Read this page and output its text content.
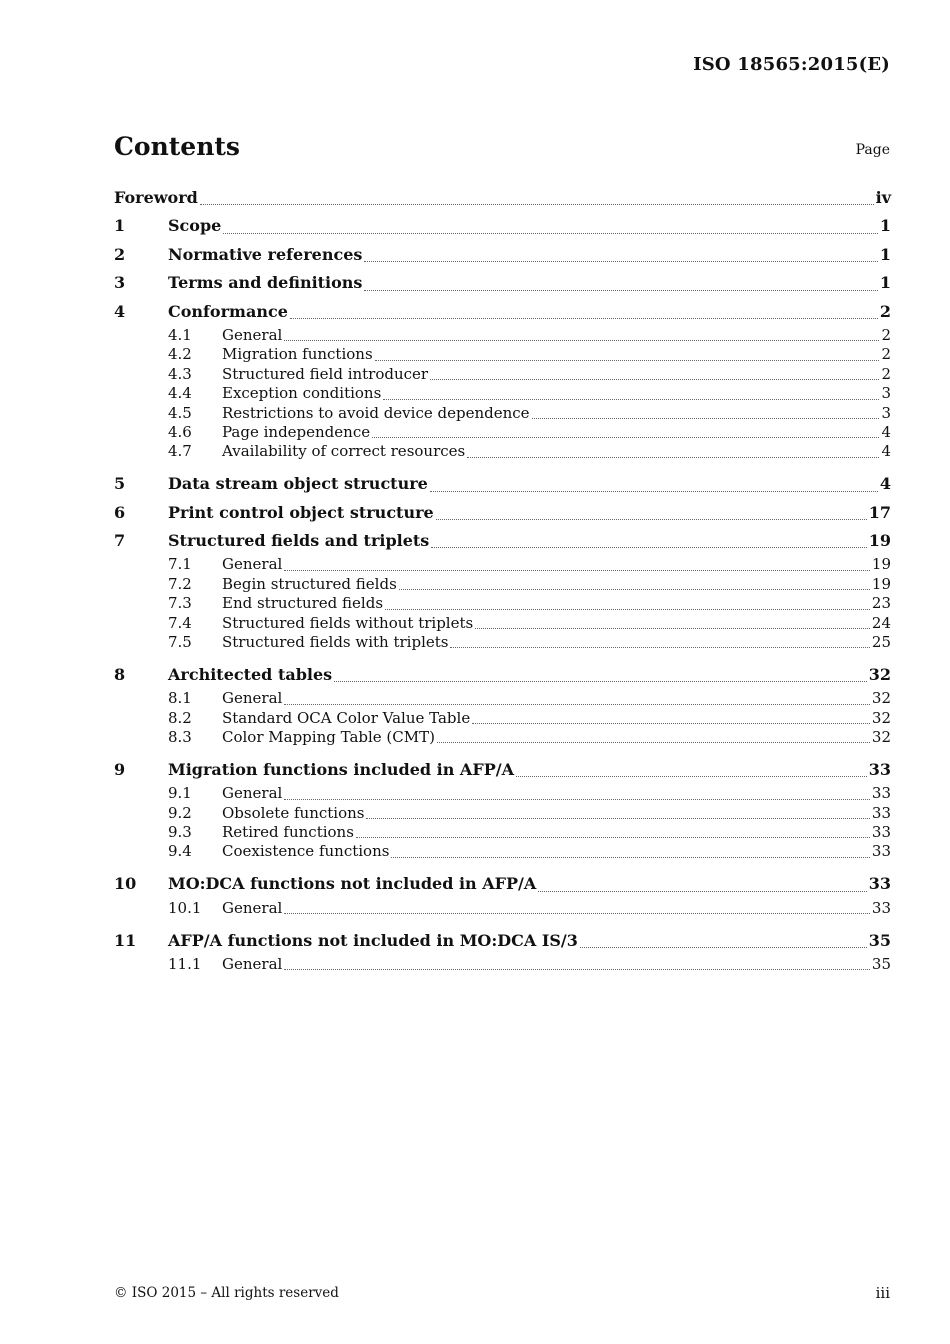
ISO 18565:2015(E)
Contents	Page
Foreword	iv
1	Scope	1
2	Normative references	1
3	Terms and definitions	1
4	Conformance	2
4.1	General	2
4.2	Migration functions	2
4.3	Structured field introducer	2
4.4	Exception conditions	3
4.5	Restrictions to avoid device dependence	3
4.6	Page independence	4
4.7	Availability of correct resources	4
5	Data stream object structure	4
6	Print control object structure	17
7	Structured fields and triplets	19
7.1	General	19
7.2	Begin structured fields	19
7.3	End structured fields	23
7.4	Structured fields without triplets	24
7.5	Structured fields with triplets	25
8	Architected tables	32
8.1	General	32
8.2	Standard OCA Color Value Table	32
8.3	Color Mapping Table (CMT)	32
9	Migration functions included in AFP/A	33
9.1	General	33
9.2	Obsolete functions	33
9.3	Retired functions	33
9.4	Coexistence functions	33
10	MO:DCA functions not included in AFP/A	33
10.1	General	33
11	AFP/A functions not included in MO:DCA IS/3	35
11.1	General	35
© ISO 2015 – All rights reserved	iii
